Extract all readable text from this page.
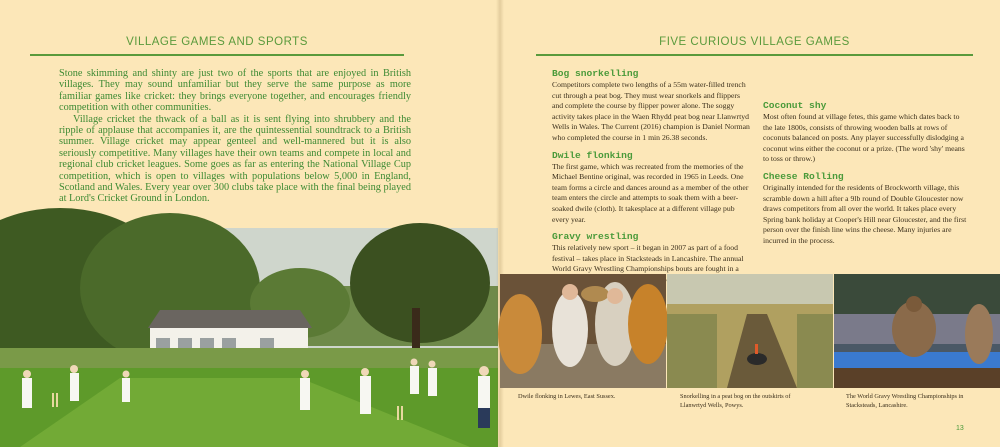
VILLAGE GAMES AND SPORTS

Stone skimming and shinty are just two of the sports that are enjoyed in British villages. They may sound unfamiliar but they serve the same purpose as more familiar games like cricket: they brings everyone together, and encourages friendly competition with other communities.

Village cricket the thwack of a ball as it is sent flying into shrubbery and the ripple of applause that accompanies it, are the quintessential soundtrack to a British summer. Village cricket may appear genteel and well-mannered but it is also seriously competitive. Many villages have their own teams and compete in local and regional club cricket leagues. Some goes as far as entering the National Village Cup competition, which is open to villages with populations below 5,000 in England, Scotland and Wales. Every year over 300 clubs take place with the final being played at Lord's Cricket Ground in London.

FIVE CURIOUS VILLAGE GAMES
Bog snorkelling

Competitors complete two lengths of a 55m water-filled trench cut through a peat bog. They must wear snorkels and flippers and complete the course by flipper power alone. The soggy activity takes place in the Waen Rhydd peat bog near Llanwrtyd Wells in Wales. The Current (2016) champion is Daniel Norman who completed the course in 1 min 26.38 seconds.

Dwile flonking

The first game, which was recreated from the memories of the Michael Bentine original, was recorded in 1965 in Leeds. One team forms a circle and dances around as a member of the other team enters the circle and attempts to soak them with a beer-soaked dwile (cloth). It takesplace at a different village pub every year.

Gravy wrestling

This relatively new sport – it began in 2007 as part of a food festival – takes place in Stacksteads in Lancashire. The annual World Gravy Wrestling Championships bouts are fought in a

Coconut shy

Most often found at village fetes, this game which dates back to the late 1800s, consists of throwing wooden balls at rows of coconuts balanced on posts. Any player successfully dislodging a coconut wins either the coconut or a prize. (The word 'shy' means to toss or throw.)

Cheese Rolling

Originally intended for the residents of Brockworth village, this scramble down a hill after a 9lb round of Double Gloucester now draws competitors from all over the world. It takes place every Spring bank holiday at Cooper's Hill near Gloucester, and the first person over the finish line wins the cheese. Many injuries are incurred in the process.

Dwile flonking in Lewes, East Sussex.	Snorkelling in a peat bog on the outskirts of Llanwrtyd Wells, Powys.
The World Gravy Wrestling Championships in Stacksteads, Lancashire.
13
